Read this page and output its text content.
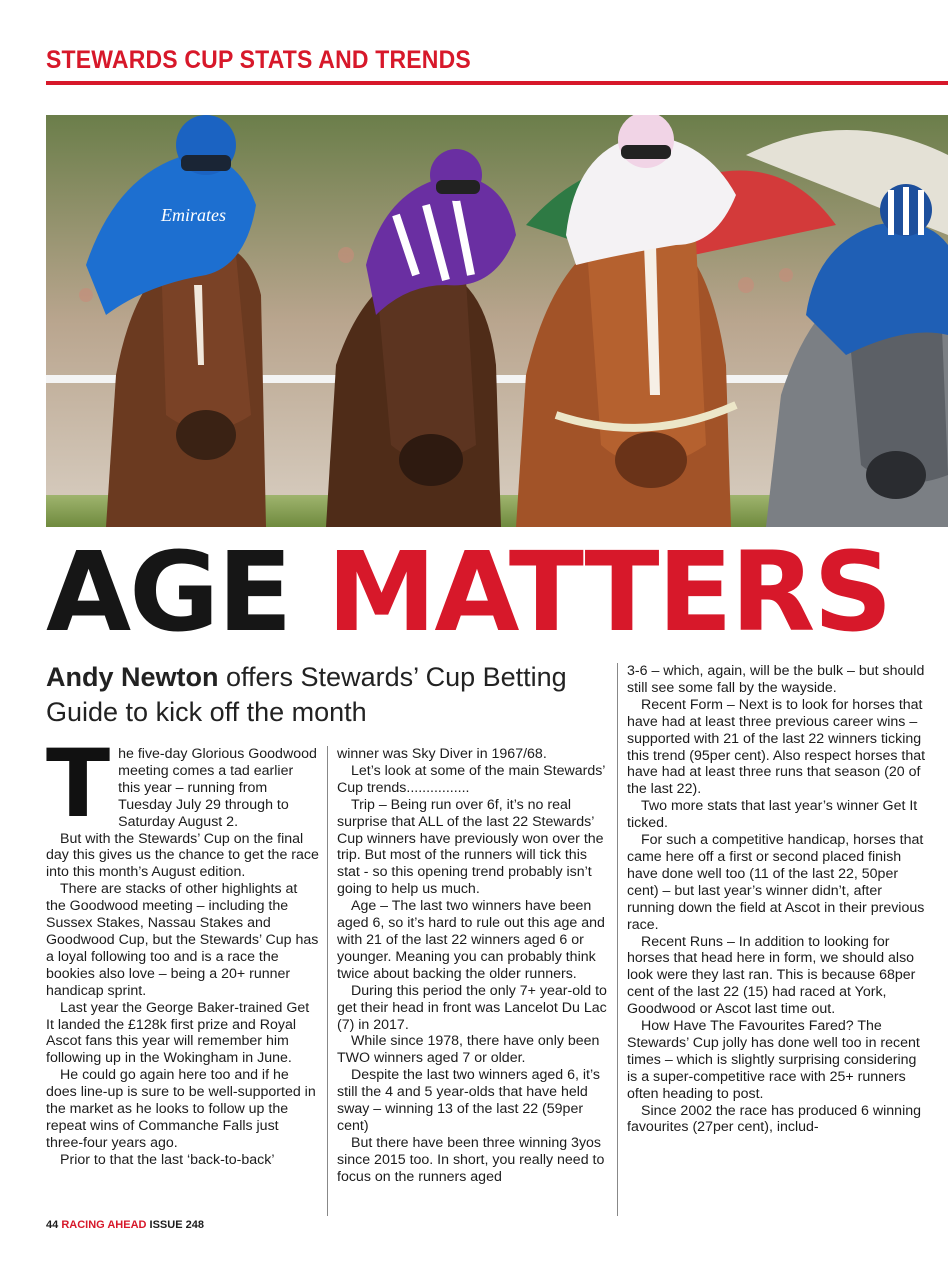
STEWARDS CUP STATS AND TRENDS
Emirates
AGE MATTERS

Andy Newton offers Stewards’ Cup Betting Guide to kick off the month

T he five-day Glorious Goodwood meeting comes a tad earlier this year – running from Tuesday July 29 through to Saturday August 2.

But with the Stewards’ Cup on the final day this gives us the chance to get the race into this month’s August edition.

There are stacks of other highlights at the Goodwood meeting – including the Sussex Stakes, Nassau Stakes and Goodwood Cup, but the Stewards’ Cup has a loyal following too and is a race the bookies also love – being a 20+ runner handicap sprint.

Last year the George Baker-trained Get It landed the £128k first prize and Royal Ascot fans this year will remember him following up in the Wokingham in June.

He could go again here too and if he does line-up is sure to be well-supported in the market as he looks to follow up the repeat wins of Commanche Falls just three-four years ago.

Prior to that the last ‘back-to-back’

winner was Sky Diver in 1967/68.

Let’s look at some of the main Stewards’ Cup trends................

Trip – Being run over 6f, it’s no real surprise that ALL of the last 22 Stewards’ Cup winners have previously won over the trip. But most of the runners will tick this stat - so this opening trend probably isn’t going to help us much.

Age – The last two winners have been aged 6, so it’s hard to rule out this age and with 21 of the last 22 winners aged 6 or younger. Meaning you can probably think twice about backing the older runners.

During this period the only 7+ year-old to get their head in front was Lancelot Du Lac (7) in 2017.

While since 1978, there have only been TWO winners aged 7 or older.

Despite the last two winners aged 6, it’s still the 4 and 5 year-olds that have held sway – winning 13 of the last 22 (59per cent)

But there have been three winning 3yos since 2015 too. In short, you really need to focus on the runners aged

3-6 – which, again, will be the bulk – but should still see some fall by the wayside.

Recent Form – Next is to look for horses that have had at least three previous career wins – supported with 21 of the last 22 winners ticking this trend (95per cent). Also respect horses that have had at least three runs that season (20 of the last 22).

Two more stats that last year’s winner Get It ticked.

For such a competitive handicap, horses that came here off a first or second placed finish have done well too (11 of the last 22, 50per cent) – but last year’s winner didn’t, after running down the field at Ascot in their previous race.

Recent Runs – In addition to looking for horses that head here in form, we should also look were they last ran. This is because 68per cent of the last 22 (15) had raced at York, Goodwood or Ascot last time out.

How Have The Favourites Fared? The Stewards’ Cup jolly has done well too in recent times – which is slightly surprising considering is a super-competitive race with 25+ runners often heading to post.

Since 2002 the race has produced 6 winning favourites (27per cent), includ-

44 RACING AHEAD ISSUE 248
